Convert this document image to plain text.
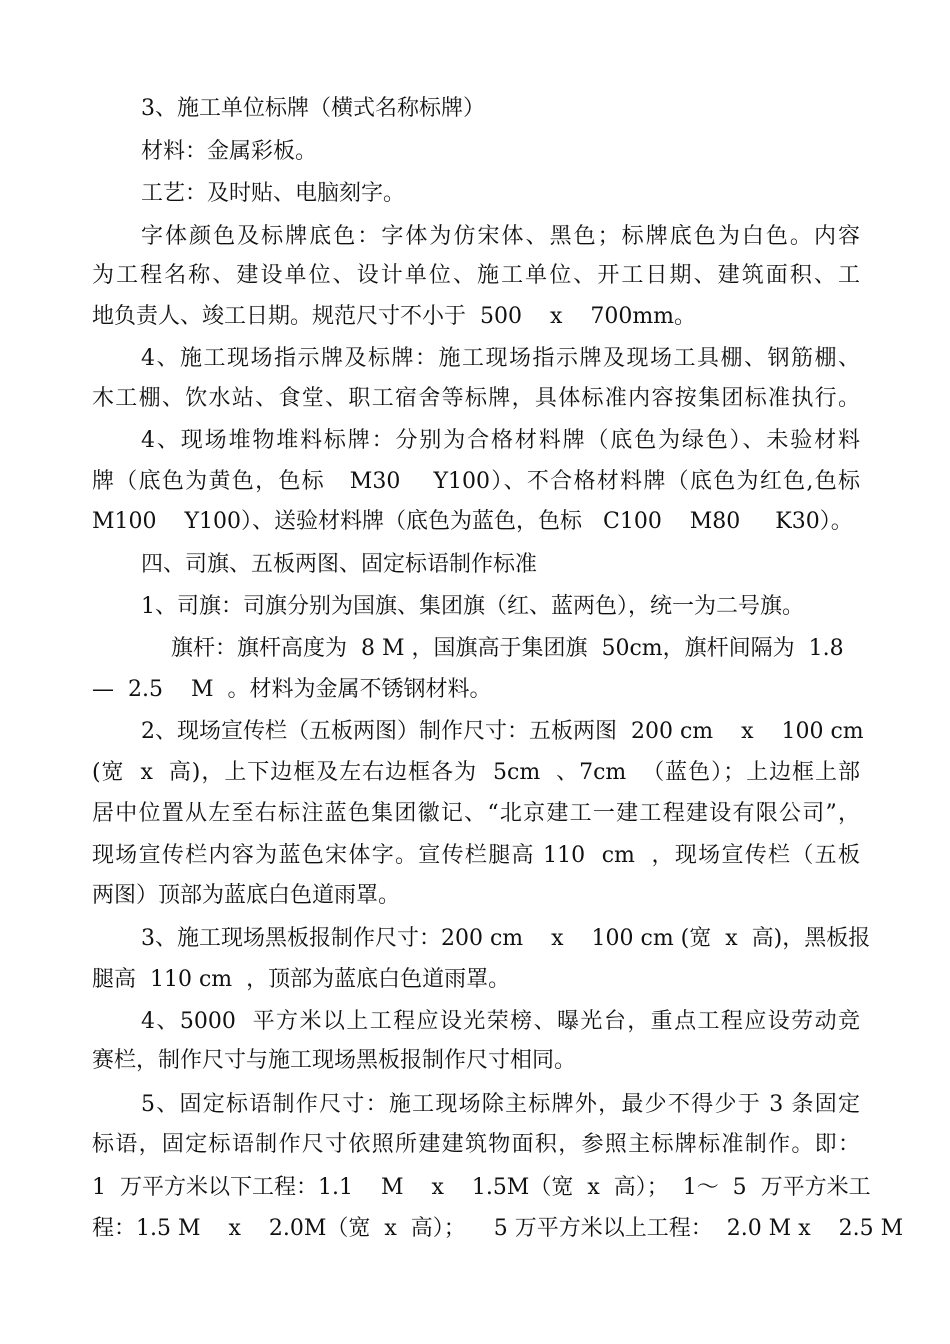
3、施工单位标牌（横式名称标牌）
材料：金属彩板。
工艺：及时贴、电脑刻字。
字体颜色及标牌底色：字体为仿宋体、黑色；标牌底色为白色。内容
为工程名称、建设单位、设计单位、施工单位、开工日期、建筑面积、工
地负责人、竣工日期。规范尺寸不小于  500    x    700mm。
4、施工现场指示牌及标牌：施工现场指示牌及现场工具棚、钢筋棚、
木工棚、饮水站、食堂、职工宿舍等标牌，具体标准内容按集团标准执行。
4、现场堆物堆料标牌：分别为合格材料牌（底色为绿色）、未验材料
牌（底色为黄色，色标   M30    Y100）、不合格材料牌（底色为红色,色标
M100    Y100）、送验材料牌（底色为蓝色，色标   C100    M80     K30）。
四、司旗、五板两图、固定标语制作标准
1、司旗：司旗分别为国旗、集团旗（红、蓝两色），统一为二号旗。
旗杆：旗杆高度为  8 M ，国旗高于集团旗  50cm，旗杆间隔为  1.8
—  2.5    M  。材料为金属不锈钢材料。
2、现场宣传栏（五板两图）制作尺寸：五板两图  200 cm    x    100 cm
(宽  x  高)，上下边框及左右边框各为  5cm  、7cm  （蓝色）；上边框上部
居中位置从左至右标注蓝色集团徽记、“北京建工一建工程建设有限公司”，
现场宣传栏内容为蓝色宋体字。宣传栏腿高 110  cm  ，现场宣传栏（五板
两图）顶部为蓝底白色道雨罩。
3、施工现场黑板报制作尺寸：200 cm    x    100 cm (宽  x  高)，黑板报
腿高  110 cm  ，顶部为蓝底白色道雨罩。
4、5000  平方米以上工程应设光荣榜、曝光台，重点工程应设劳动竞
赛栏，制作尺寸与施工现场黑板报制作尺寸相同。
5、固定标语制作尺寸：施工现场除主标牌外，最少不得少于 3 条固定
标语，固定标语制作尺寸依照所建建筑物面积，参照主标牌标准制作。即：
1  万平方米以下工程：1.1    M    x    1.5M（宽  x  高）；  1～  5  万平方米工
程：1.5 M    x    2.0M（宽  x  高）；    5 万平方米以上工程：  2.0 M x    2.5 M
